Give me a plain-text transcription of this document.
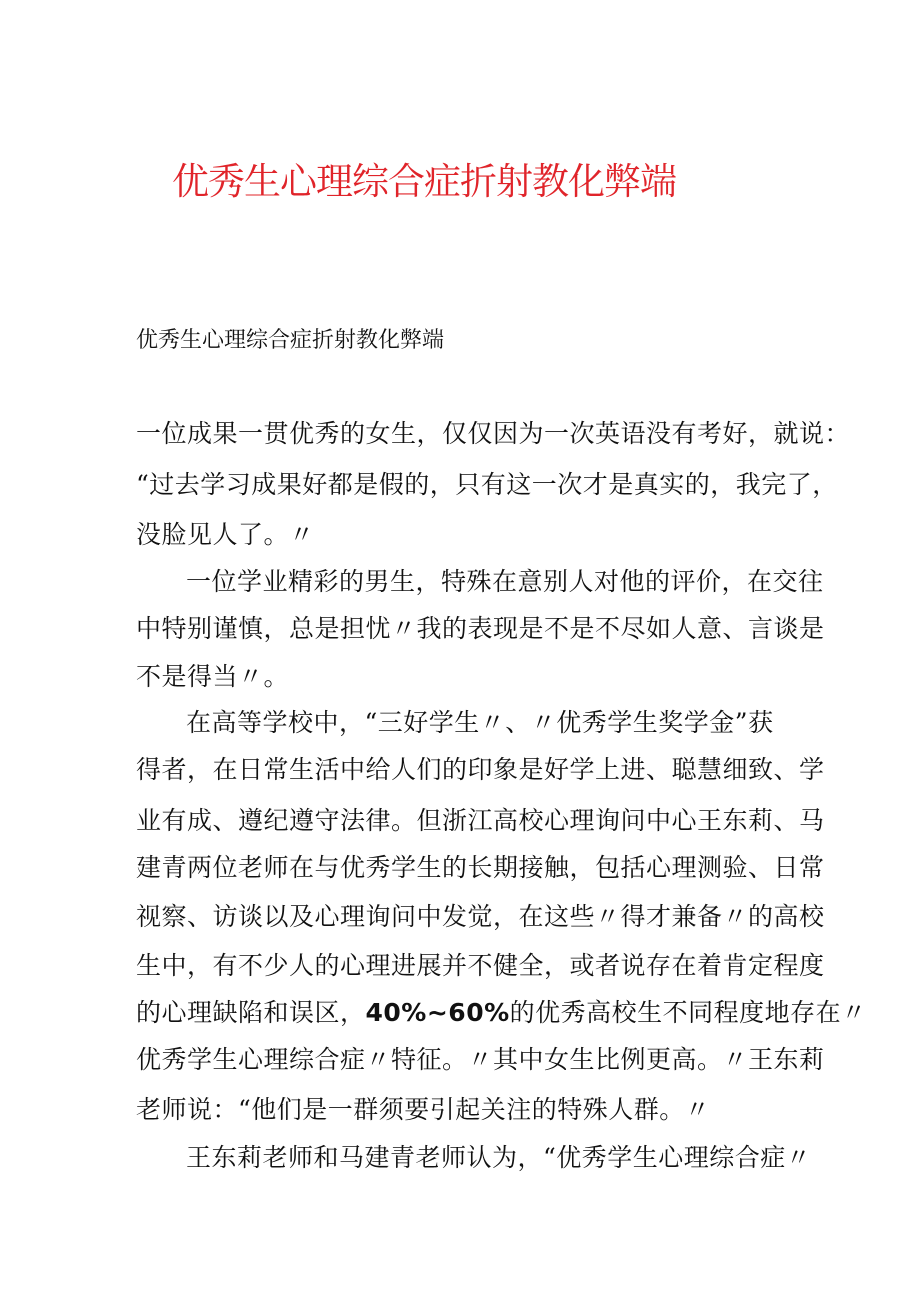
优秀生心理综合症折射教化弊端

优秀生心理综合症折射教化弊端

一位成果一贯优秀的女生，仅仅因为一次英语没有考好，就说：

“过去学习成果好都是假的，只有这一次才是真实的，我完了，

没脸见人了。〃

一位学业精彩的男生，特殊在意别人对他的评价，在交往

中特别谨慎，总是担忧〃我的表现是不是不尽如人意、言谈是

不是得当〃。

在高等学校中，“三好学生〃、〃优秀学生奖学金”获

得者，在日常生活中给人们的印象是好学上进、聪慧细致、学

业有成、遵纪遵守法律。但浙江高校心理询问中心王东莉、马

建青两位老师在与优秀学生的长期接触，包括心理测验、日常

视察、访谈以及心理询问中发觉，在这些〃得才兼备〃的高校

生中，有不少人的心理进展并不健全，或者说存在着肯定程度

的心理缺陷和误区，40%~60%的优秀高校生不同程度地存在〃

优秀学生心理综合症〃特征。〃其中女生比例更高。〃王东莉

老师说：“他们是一群须要引起关注的特殊人群。〃

王东莉老师和马建青老师认为，“优秀学生心理综合症〃
